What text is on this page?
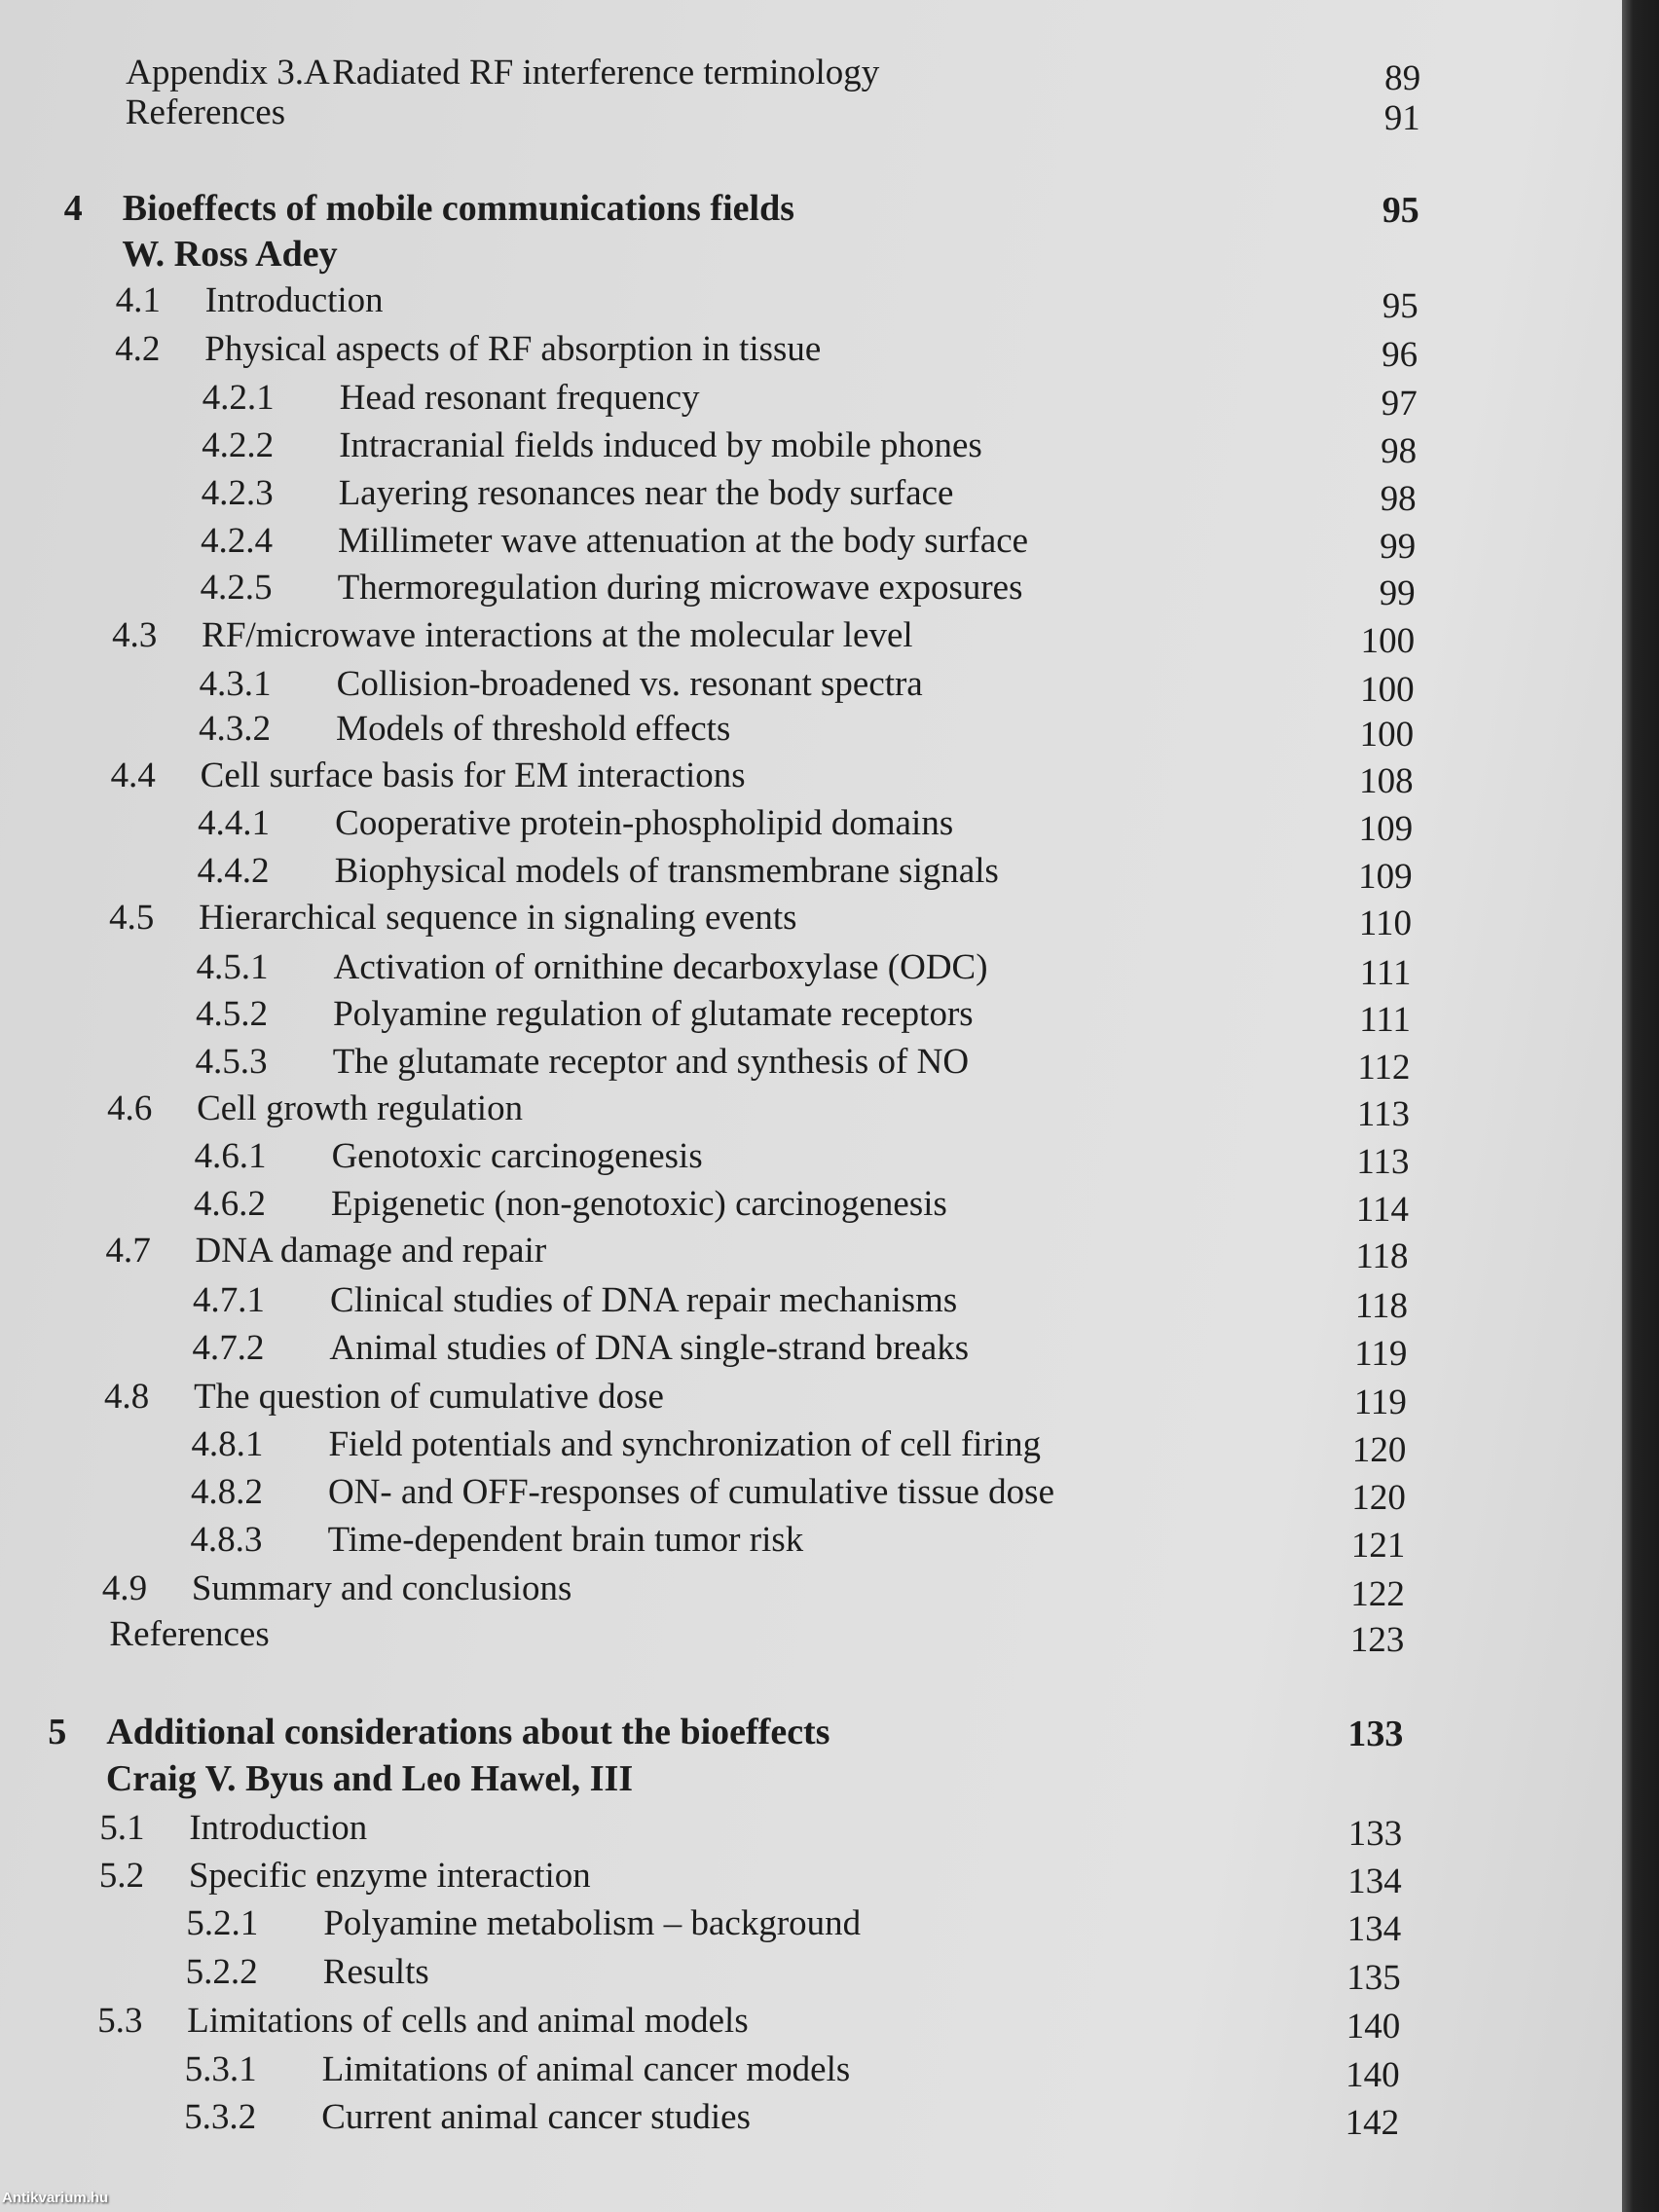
Appendix 3.A Radiated RF interference terminology	89
References	91
4 Bioeffects of mobile communications fields	95
W. Ross Adey
4.1 Introduction	95
4.2 Physical aspects of RF absorption in tissue	96
4.2.1 Head resonant frequency	97
4.2.2 Intracranial fields induced by mobile phones	98
4.2.3 Layering resonances near the body surface	98
4.2.4 Millimeter wave attenuation at the body surface	99
4.2.5 Thermoregulation during microwave exposures	99
4.3 RF/microwave interactions at the molecular level	100
4.3.1 Collision-broadened vs. resonant spectra	100
4.3.2 Models of threshold effects	100
4.4 Cell surface basis for EM interactions	108
4.4.1 Cooperative protein-phospholipid domains	109
4.4.2 Biophysical models of transmembrane signals	109
4.5 Hierarchical sequence in signaling events	110
4.5.1 Activation of ornithine decarboxylase (ODC)	111
4.5.2 Polyamine regulation of glutamate receptors	111
4.5.3 The glutamate receptor and synthesis of NO	112
4.6 Cell growth regulation	113
4.6.1 Genotoxic carcinogenesis	113
4.6.2 Epigenetic (non-genotoxic) carcinogenesis	114
4.7 DNA damage and repair	118
4.7.1 Clinical studies of DNA repair mechanisms	118
4.7.2 Animal studies of DNA single-strand breaks	119
4.8 The question of cumulative dose	119
4.8.1 Field potentials and synchronization of cell firing	120
4.8.2 ON- and OFF-responses of cumulative tissue dose	120
4.8.3 Time-dependent brain tumor risk	121
4.9 Summary and conclusions	122
References	123
5 Additional considerations about the bioeffects	133
Craig V. Byus and Leo Hawel, III
5.1 Introduction	133
5.2 Specific enzyme interaction	134
5.2.1 Polyamine metabolism – background	134
5.2.2 Results	135
5.3 Limitations of cells and animal models	140
5.3.1 Limitations of animal cancer models	140
5.3.2 Current animal cancer studies	142
Antikvarium.hu
